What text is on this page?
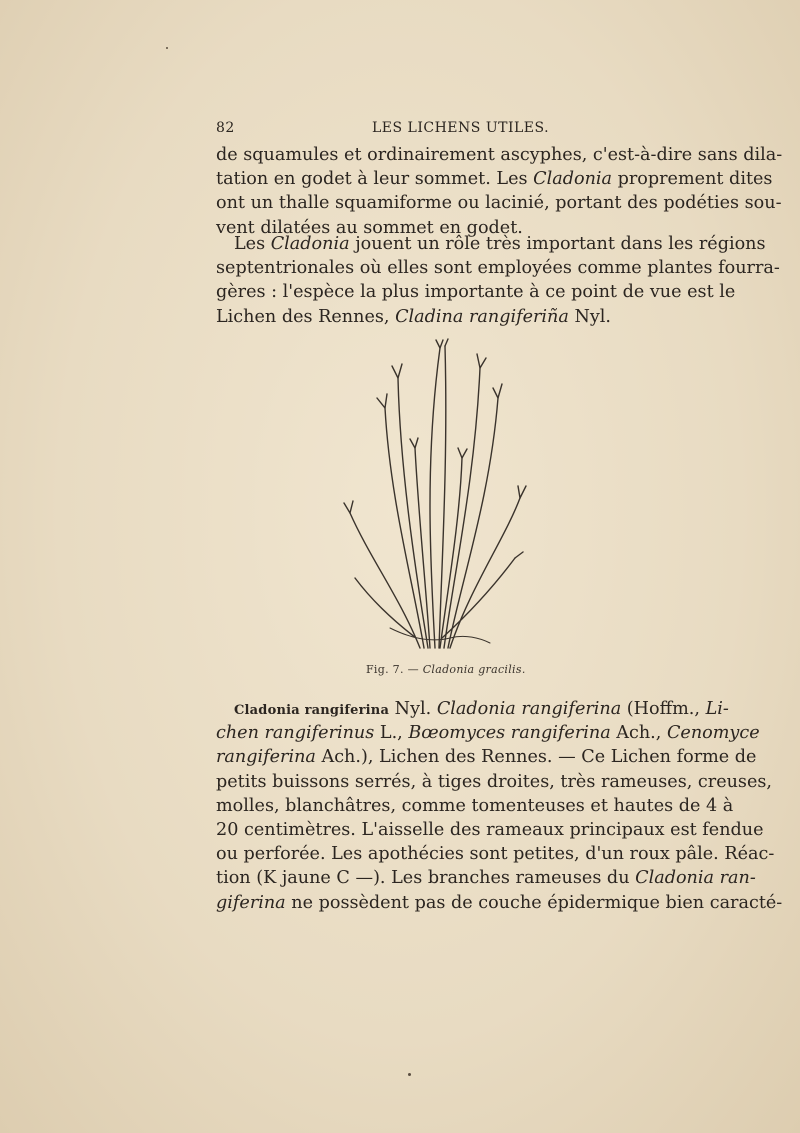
82	LES LICHENS UTILES.
de squamules et ordinairement ascyphes, c'est-à-dire sans dila-
tation en godet à leur sommet. Les Cladonia proprement dites
ont un thalle squamiforme ou lacinié, portant des podéties sou-
vent dilatées au sommet en godet.
Les Cladonia jouent un rôle très important dans les régions
septentrionales où elles sont employées comme plantes fourra-
gères : l'espèce la plus importante à ce point de vue est le
Lichen des Rennes, Cladina rangiferiña Nyl.
Fig. 7. — Cladonia gracilis.
Cladonia rangiferina Nyl. Cladonia rangiferina (Hoffm., Li-
chen rangiferinus L., Bœomyces rangiferina Ach., Cenomyce
rangiferina Ach.), Lichen des Rennes. — Ce Lichen forme de
petits buissons serrés, à tiges droites, très rameuses, creuses,
molles, blanchâtres, comme tomenteuses et hautes de 4 à
20 centimètres. L'aisselle des rameaux principaux est fendue
ou perforée. Les apothécies sont petites, d'un roux pâle. Réac-
tion (K jaune C —). Les branches rameuses du Cladonia ran-
giferina ne possèdent pas de couche épidermique bien caracté-
